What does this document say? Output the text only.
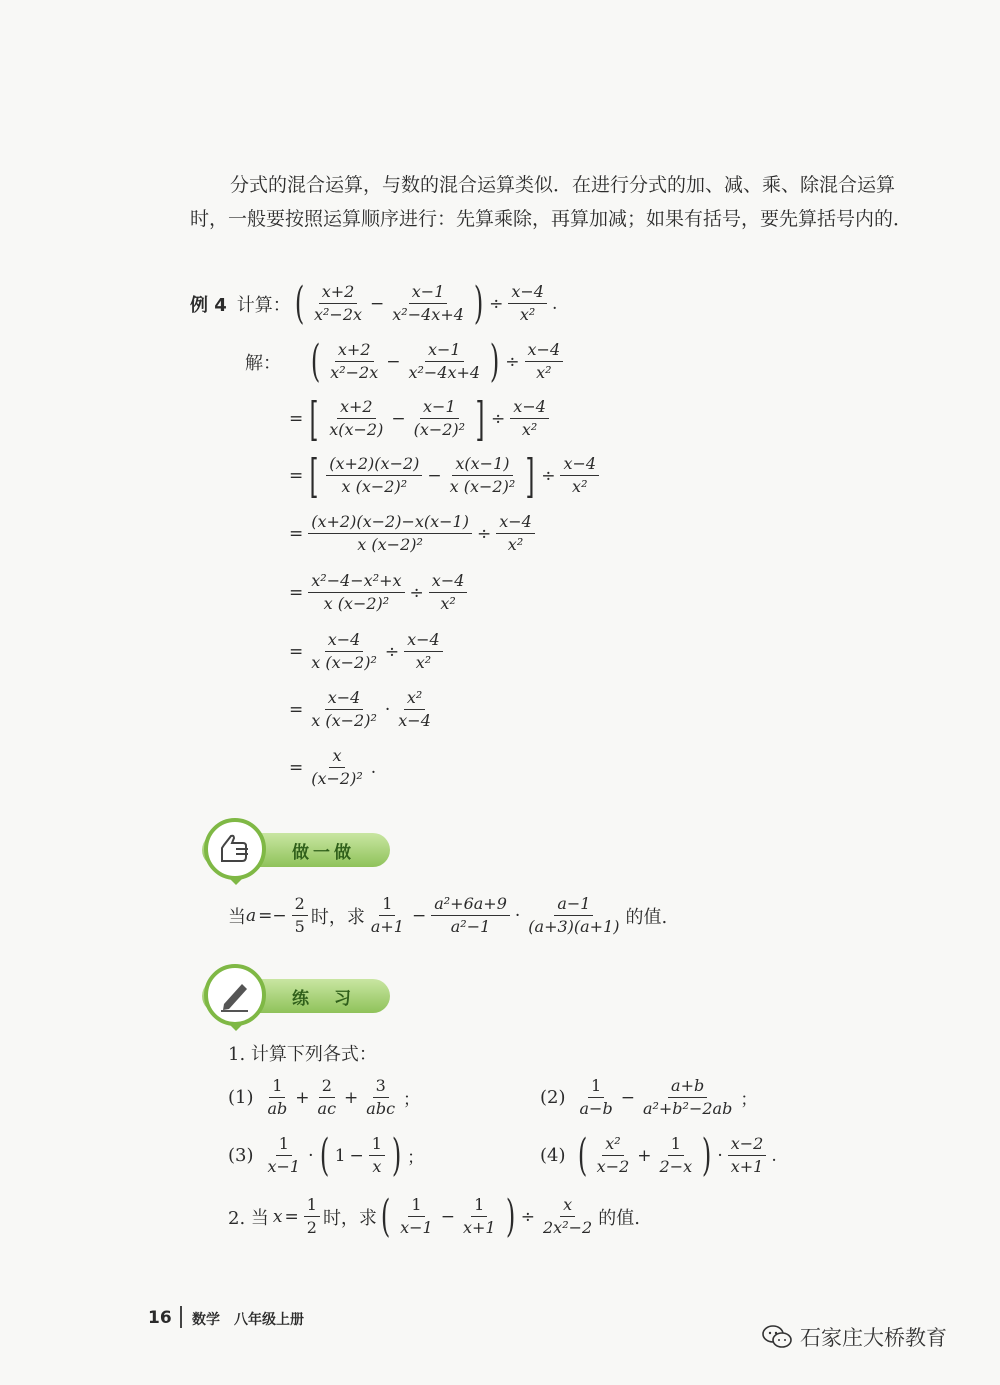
分式的混合运算，与数的混合运算类似．在进行分式的加、减、乘、除混合运算时，一般要按照运算顺序进行：先算乘除，再算加减；如果有括号，要先算括号内的．

例 4 计算： ( $\frac{x+2}{\text{x²−2x}} - \frac{x-1}{\text{x²−4x+4}}$ ) ÷ $\frac{x-4}{\text{x²}}$ .
解： ( $\frac{x+2}{\text{x²−2x}} - \frac{x-1}{\text{x²−4x+4}}$ ) ÷ $\frac{x-4}{\text{x²}}$
= [ $\frac{x+2}{x(x-2)} - \frac{x-1}{\text{(x−2)²}}$ ] ÷ $\frac{x-4}{\text{x²}}$
= [ $\frac{(x+2)(x-2)}{\text{x (x−2)²}} - \frac{x(x-1)}{\text{x (x−2)²}}$ ] ÷ $\frac{x-4}{\text{x²}}$
= $\frac{(x+2)(x-2)-x(x-1)}{\text{x (x−2)²}} \div \frac{x-4}{\text{x²}}$
= $\frac{\text{x²−4−x²+x}}{\text{x (x−2)²}} \div \frac{x-4}{\text{x²}}$
= $\frac{x-4}{\text{x (x−2)²}} \div \frac{x-4}{\text{x²}}$
= $\frac{x-4}{\text{x (x−2)²}} \cdot \frac{\text{x²}}{x-4}$
= $\frac{x}{\text{(x−2)²}}$ .
做一做
当 $a =- \frac{2}{5}$ 时，求 $\frac{1}{a+1} - \frac{\text{a²+6a+9}}{\text{a²−1}} \cdot \frac{a-1}{(a+3)(a+1)}$ 的值.
练　习
1. 计算下列各式：
$(1) \frac{1}{ab} + \frac{2}{ac} + \frac{3}{\text{abc}}$ ；	$(2) \frac{1}{a-b} - \frac{a+b}{\text{a²+b²−2ab}}$ ；
$(3) \frac{1}{x-1}$ · ( $1 - \frac{1}{x}$ ) ；	(4) ( $\frac{\text{x²}}{x-2} + \frac{1}{2-x}$ ) · $\frac{x-2}{x+1}$ .
2. 当 $x = \frac{1}{2}$ 时，求 ( $\frac{1}{x-1} - \frac{1}{x+1}$ ) ÷ $\frac{x}{\text{2x²−2}}$ 的值.
16 数学　八年级上册
石家庄大桥教育
